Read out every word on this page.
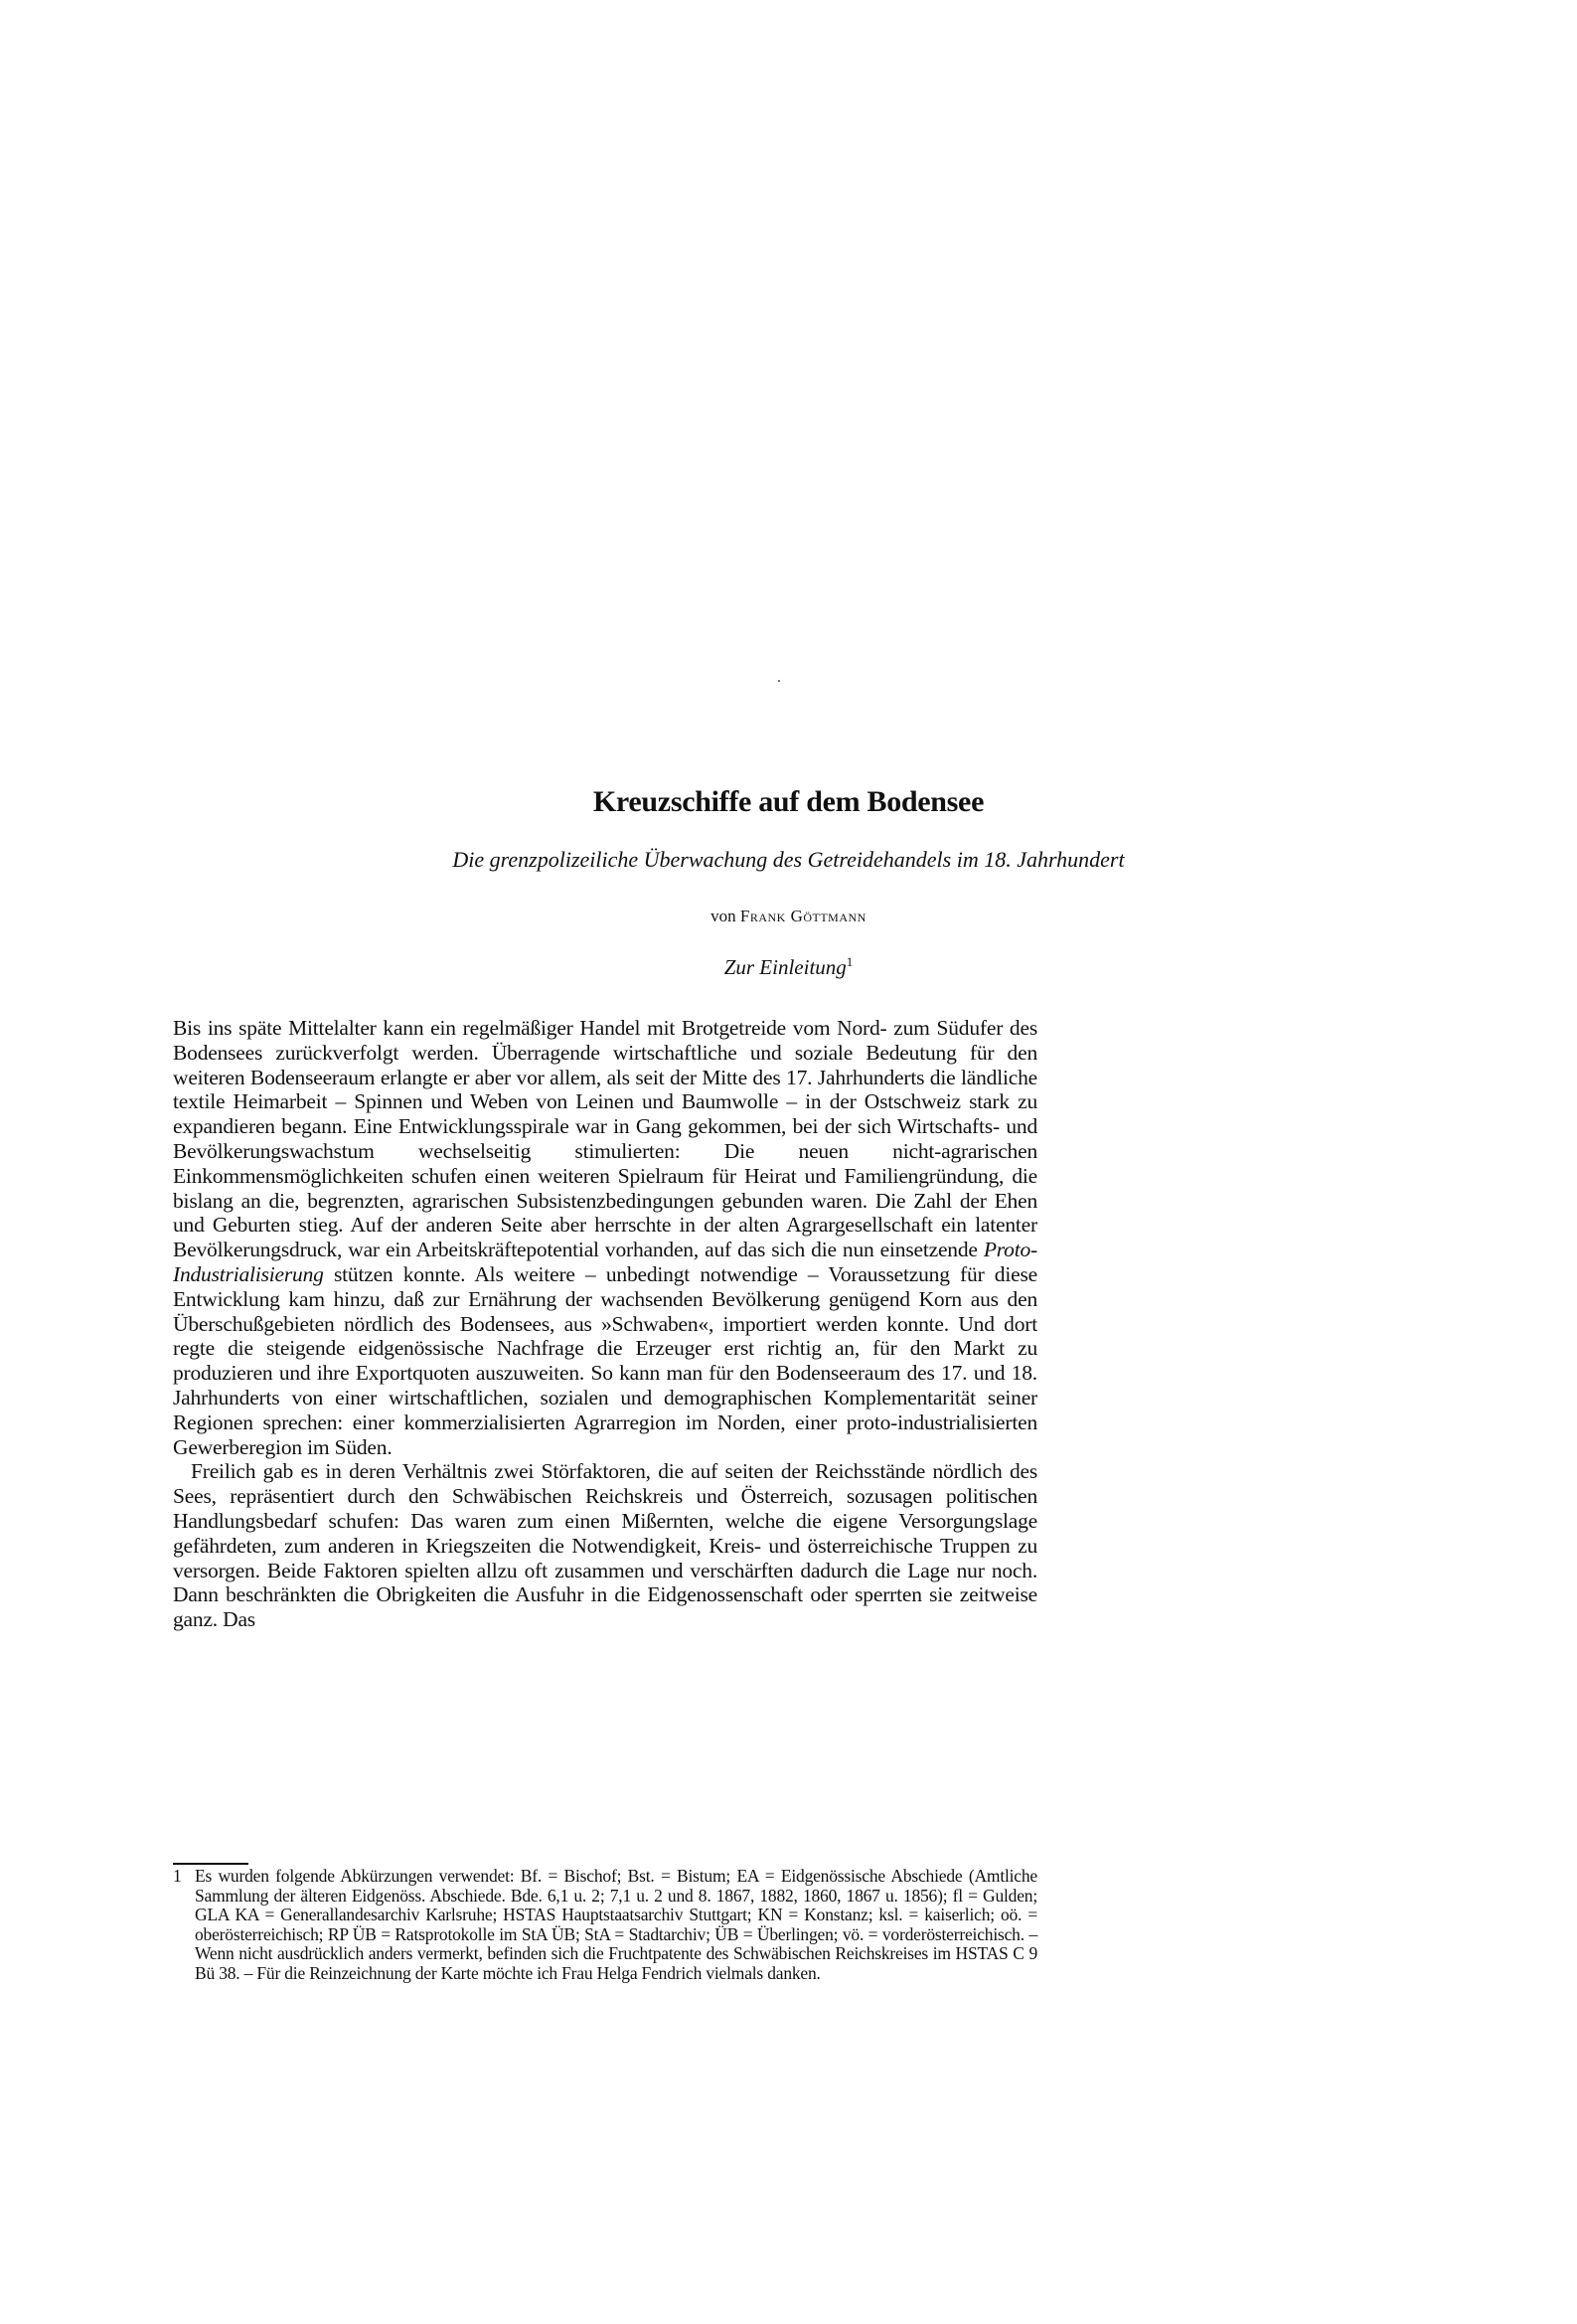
Kreuzschiffe auf dem Bodensee
Die grenzpolizeiliche Überwachung des Getreidehandels im 18. Jahrhundert
von Frank Göttmann
Zur Einleitung$^1$

Bis ins späte Mittelalter kann ein regelmäßiger Handel mit Brotgetreide vom Nord- zum Südufer des Bodensees zurückverfolgt werden. Überragende wirtschaftliche und soziale Bedeutung für den weiteren Bodenseeraum erlangte er aber vor allem, als seit der Mitte des 17. Jahrhunderts die ländliche textile Heimarbeit – Spinnen und Weben von Leinen und Baumwolle – in der Ostschweiz stark zu expandieren begann. Eine Entwicklungsspirale war in Gang gekommen, bei der sich Wirtschafts- und Bevölkerungswachstum wechselseitig stimulierten: Die neuen nicht-agrarischen Einkommensmöglichkeiten schufen einen weiteren Spielraum für Heirat und Familiengründung, die bislang an die, begrenzten, agrarischen Subsistenzbedingungen gebunden waren. Die Zahl der Ehen und Geburten stieg. Auf der anderen Seite aber herrschte in der alten Agrargesellschaft ein latenter Bevölkerungsdruck, war ein Arbeitskräftepotential vorhanden, auf das sich die nun einsetzende Proto-Industrialisierung stützen konnte. Als weitere – unbedingt notwendige – Voraussetzung für diese Entwicklung kam hinzu, daß zur Ernährung der wachsenden Bevölkerung genügend Korn aus den Überschußgebieten nördlich des Bodensees, aus »Schwaben«, importiert werden konnte. Und dort regte die steigende eidgenössische Nachfrage die Erzeuger erst richtig an, für den Markt zu produzieren und ihre Exportquoten auszuweiten. So kann man für den Bodenseeraum des 17. und 18. Jahrhunderts von einer wirtschaftlichen, sozialen und demographischen Komplementarität seiner Regionen sprechen: einer kommerzialisierten Agrarregion im Norden, einer proto-industrialisierten Gewerberegion im Süden.

Freilich gab es in deren Verhältnis zwei Störfaktoren, die auf seiten der Reichsstände nördlich des Sees, repräsentiert durch den Schwäbischen Reichskreis und Österreich, sozusagen politischen Handlungsbedarf schufen: Das waren zum einen Mißernten, welche die eigene Versorgungslage gefährdeten, zum anderen in Kriegszeiten die Notwendigkeit, Kreis- und österreichische Truppen zu versorgen. Beide Faktoren spielten allzu oft zusammen und verschärften dadurch die Lage nur noch. Dann beschränkten die Obrigkeiten die Ausfuhr in die Eidgenossenschaft oder sperrten sie zeitweise ganz. Das

1 Es wurden folgende Abkürzungen verwendet: Bf. = Bischof; Bst. = Bistum; EA = Eidgenössische Abschiede (Amtliche Sammlung der älteren Eidgenöss. Abschiede. Bde. 6,1 u. 2; 7,1 u. 2 und 8. 1867, 1882, 1860, 1867 u. 1856); fl = Gulden; GLA KA = Generallandesarchiv Karlsruhe; HSTAS Hauptstaatsarchiv Stuttgart; KN = Konstanz; ksl. = kaiserlich; oö. = oberösterreichisch; RP ÜB = Ratsprotokolle im StA ÜB; StA = Stadtarchiv; ÜB = Überlingen; vö. = vorderösterreichisch. – Wenn nicht ausdrücklich anders vermerkt, befinden sich die Fruchtpatente des Schwäbischen Reichskreises im HSTAS C 9 Bü 38. – Für die Reinzeichnung der Karte möchte ich Frau Helga Fendrich vielmals danken.
